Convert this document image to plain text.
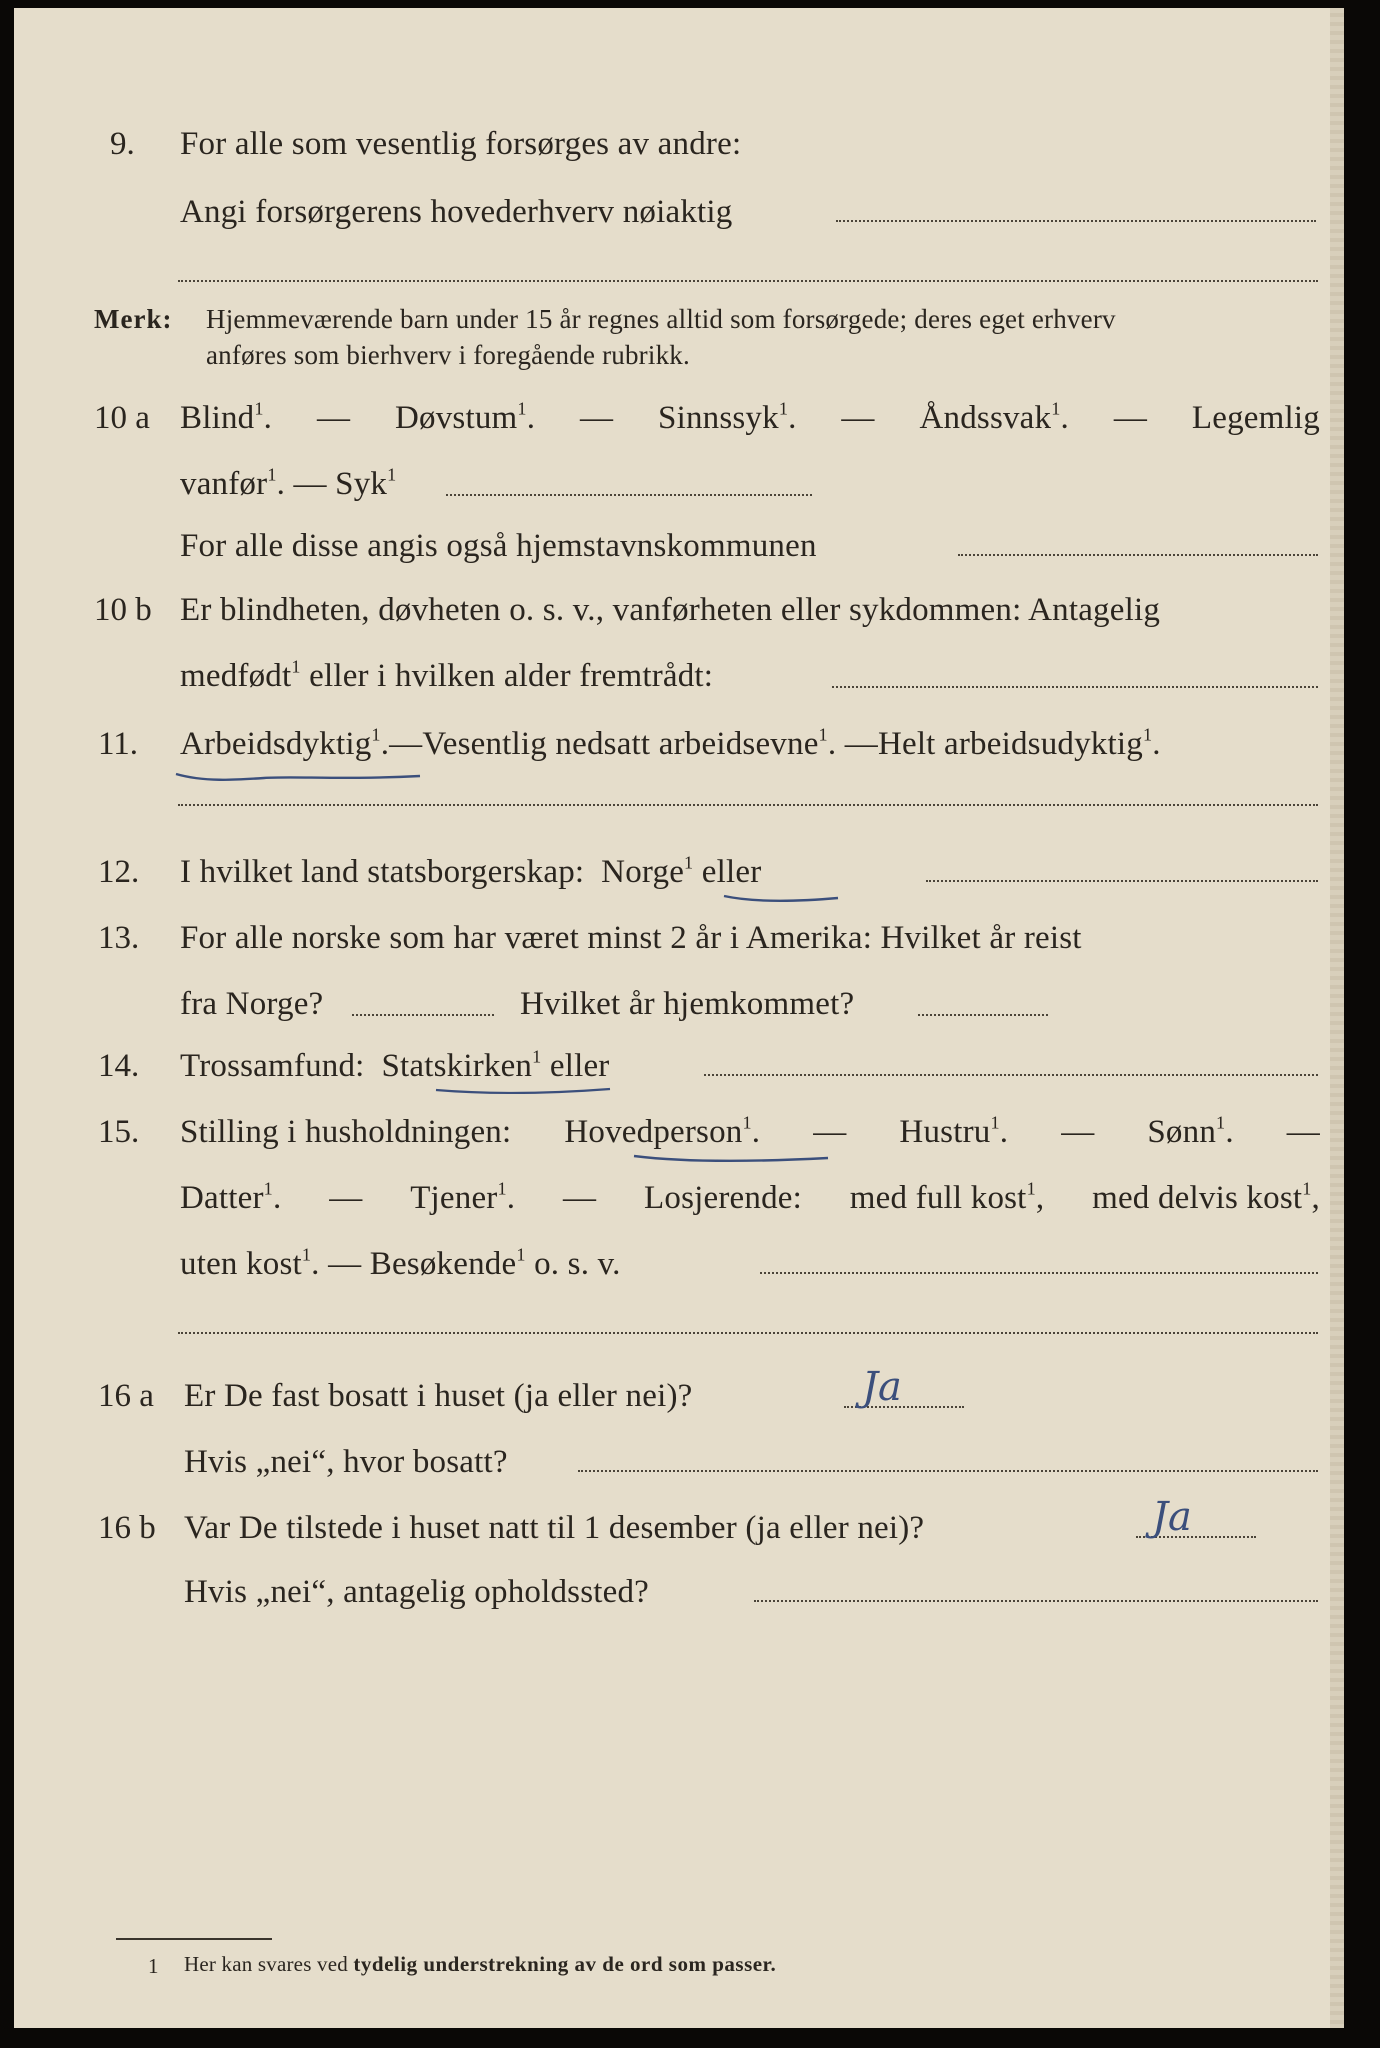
9. For alle som vesentlig forsørges av andre:
Angi forsørgerens hovederhverv nøiaktig
Merk: Hjemmeværende barn under 15 år regnes alltid som forsørgede; deres eget erhverv
anføres som bierhverv i foregående rubrikk.
10 a Blind$^1$. — Døvstum$^1$. — Sinnssyk$^1$. — Åndssvak$^1$. — Legemlig
vanfør$^1$. — Syk$^1$
For alle disse angis også hjemstavnskommunen
10 b Er blindheten, døvheten o. s. v., vanførheten eller sykdommen: Antagelig
medfødt$^1$ eller i hvilken alder fremtrådt:
11. Arbeidsdyktig$^1$.—Vesentlig nedsatt arbeidsevne$^1$. —Helt arbeidsudyktig$^1$.
12. I hvilket land statsborgerskap: Norge$^1$ eller
13. For alle norske som har været minst 2 år i Amerika: Hvilket år reist
fra Norge?	Hvilket år hjemkommet?
14. Trossamfund: Statskirken$^1$ eller
15. Stilling i husholdningen: Hovedperson$^1$. — Hustru$^1$. — Sønn$^1$. —
Datter$^1$. — Tjener$^1$. — Losjerende: med full kost$^1$, med delvis kost$^1$,
uten kost$^1$. — Besøkende$^1$ o. s. v.
16 a Er De fast bosatt i huset (ja eller nei)?	Ja
Hvis „nei“, hvor bosatt?
16 b Var De tilstede i huset natt til 1 desember (ja eller nei)?	Ja
Hvis „nei“, antagelig opholdssted?
1 Her kan svares ved tydelig understrekning av de ord som passer.
